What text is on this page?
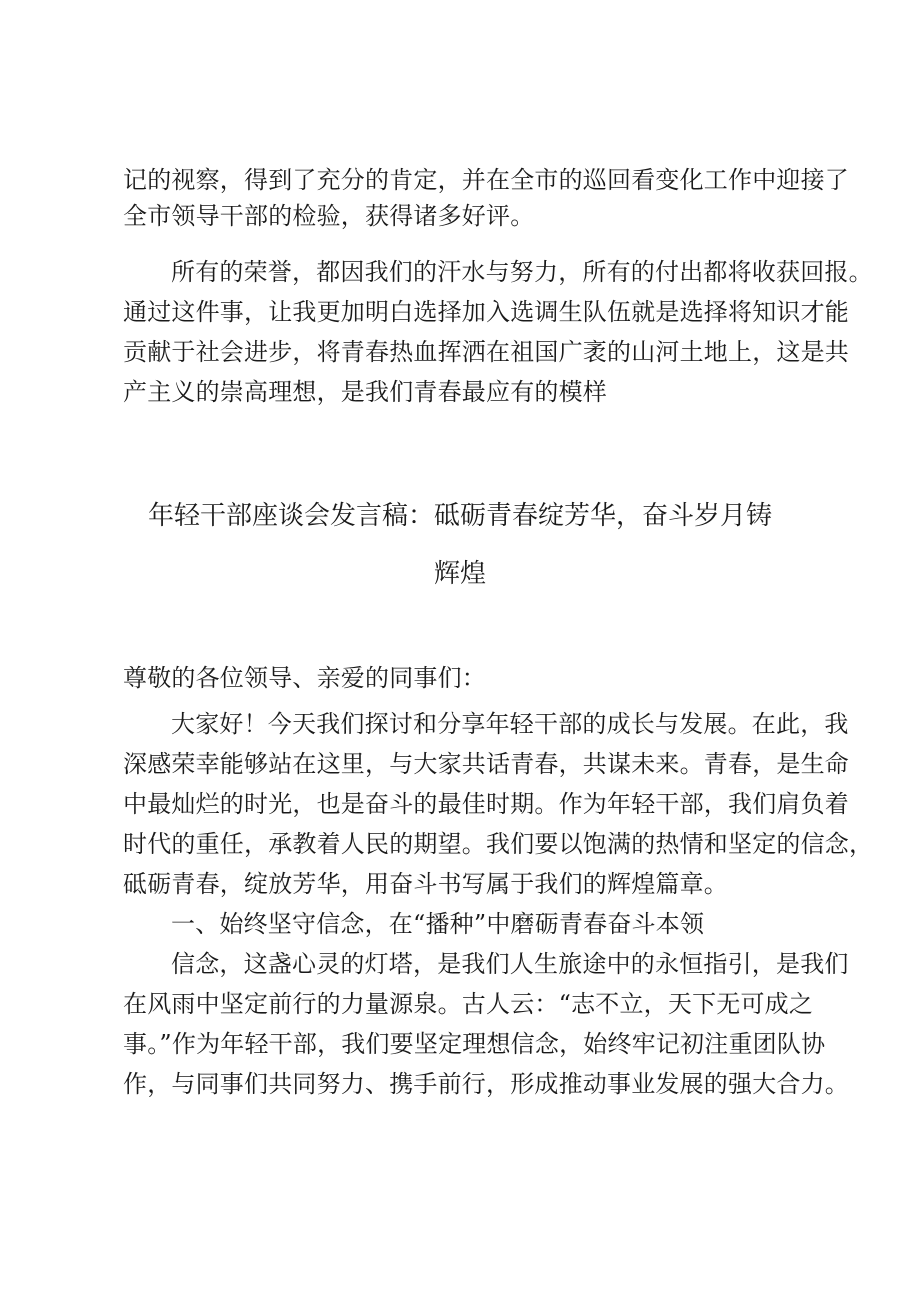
记的视察，得到了充分的肯定，并在全市的巡回看变化工作中迎接了
全市领导干部的检验，获得诸多好评。
所有的荣誉，都因我们的汗水与努力，所有的付出都将收获回报。
通过这件事，让我更加明白选择加入选调生队伍就是选择将知识才能
贡献于社会进步，将青春热血挥洒在祖国广袤的山河土地上，这是共
产主义的崇高理想，是我们青春最应有的模样
年轻干部座谈会发言稿：砥砺青春绽芳华，奋斗岁月铸
辉煌
尊敬的各位领导、亲爱的同事们：
大家好！今天我们探讨和分享年轻干部的成长与发展。在此，我
深感荣幸能够站在这里，与大家共话青春，共谋未来。青春，是生命
中最灿烂的时光，也是奋斗的最佳时期。作为年轻干部，我们肩负着
时代的重任，承教着人民的期望。我们要以饱满的热情和坚定的信念，
砥砺青春，绽放芳华，用奋斗书写属于我们的辉煌篇章。
一、始终坚守信念，在“播种”中磨砺青春奋斗本领
信念，这盏心灵的灯塔，是我们人生旅途中的永恒指引，是我们
在风雨中坚定前行的力量源泉。古人云：“志不立，天下无可成之
事。”作为年轻干部，我们要坚定理想信念，始终牢记初注重团队协
作，与同事们共同努力、携手前行，形成推动事业发展的强大合力。
